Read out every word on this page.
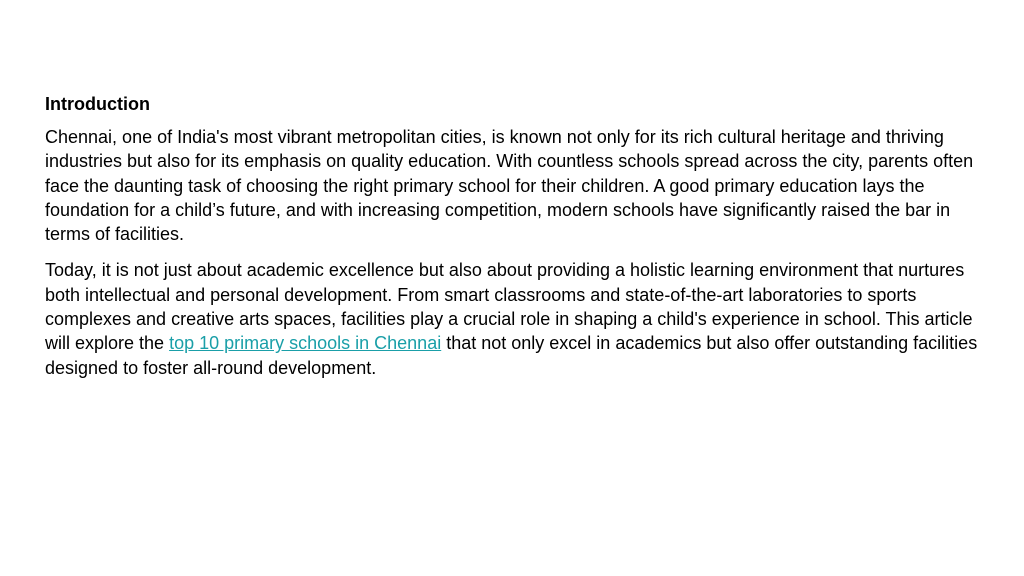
Introduction

Chennai, one of India's most vibrant metropolitan cities, is known not only for its rich cultural heritage and thriving industries but also for its emphasis on quality education. With countless schools spread across the city, parents often face the daunting task of choosing the right primary school for their children. A good primary education lays the foundation for a child’s future, and with increasing competition, modern schools have significantly raised the bar in terms of facilities.

Today, it is not just about academic excellence but also about providing a holistic learning environment that nurtures both intellectual and personal development. From smart classrooms and state-of-the-art laboratories to sports complexes and creative arts spaces, facilities play a crucial role in shaping a child's experience in school. This article will explore the top 10 primary schools in Chennai that not only excel in academics but also offer outstanding facilities designed to foster all-round development.
